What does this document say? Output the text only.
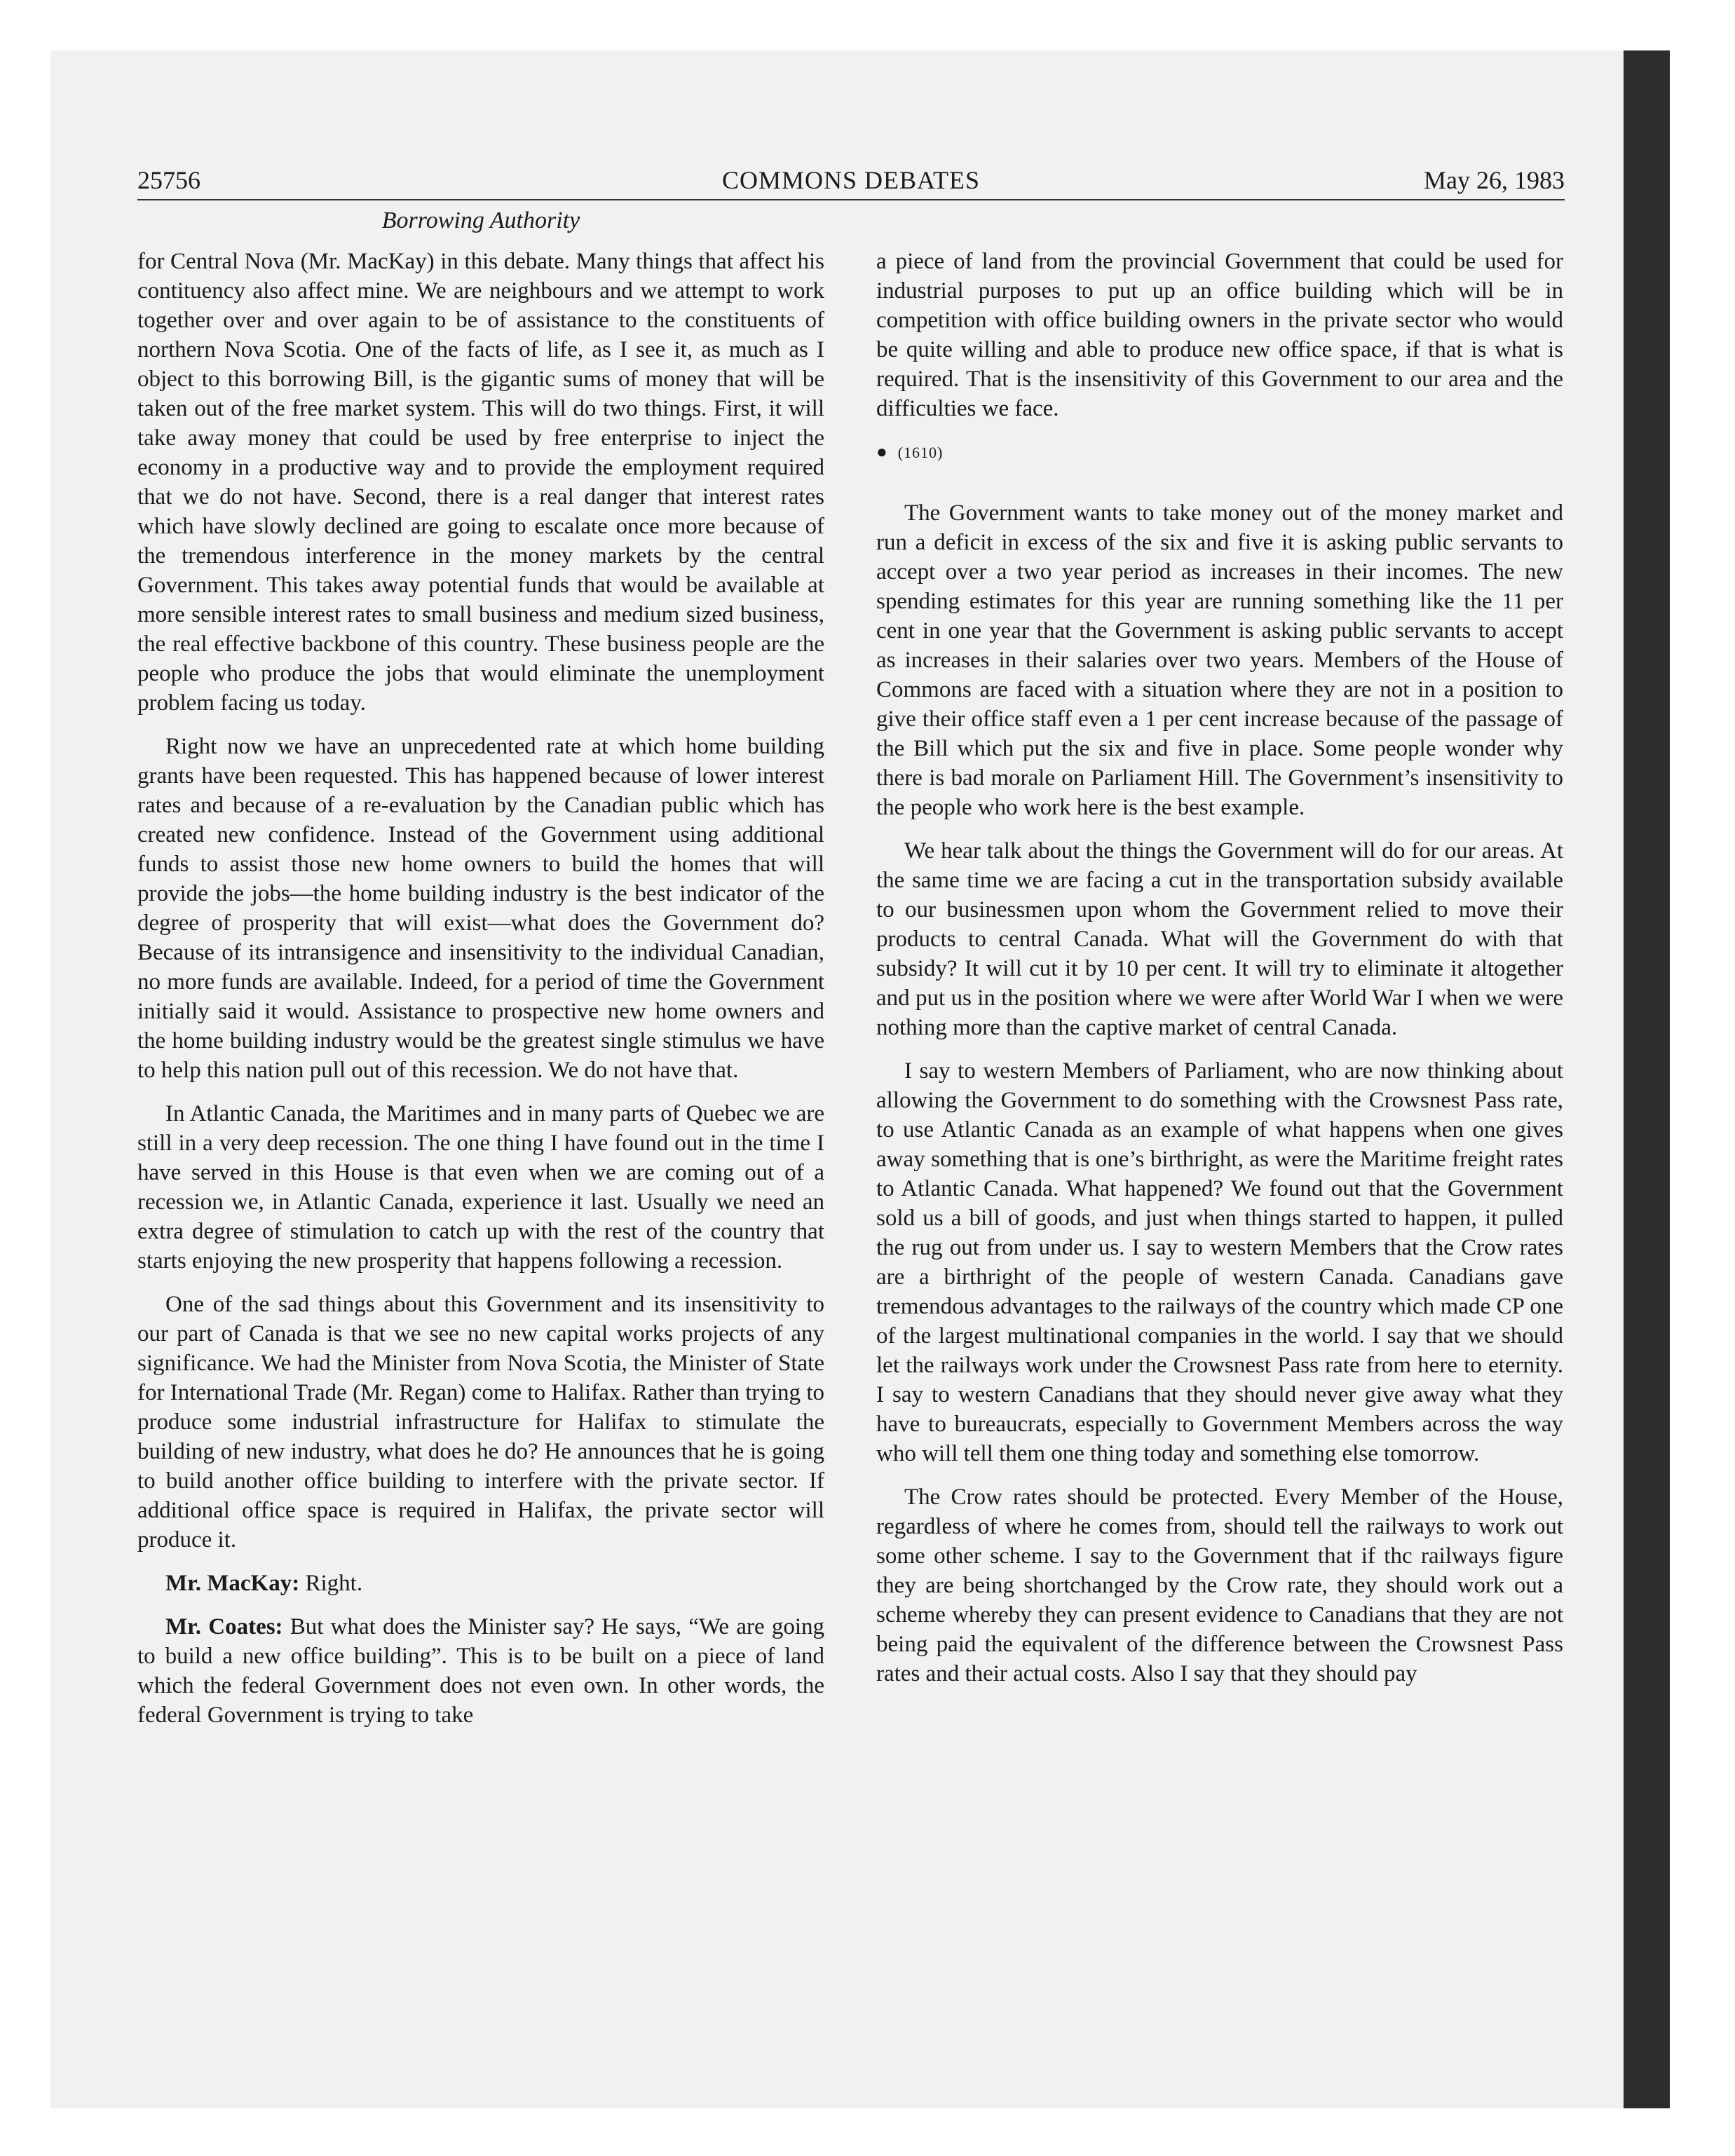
25756	COMMONS DEBATES	May 26, 1983
Borrowing Authority

for Central Nova (Mr. MacKay) in this debate. Many things that affect his contituency also affect mine. We are neighbours and we attempt to work together over and over again to be of assistance to the constituents of northern Nova Scotia. One of the facts of life, as I see it, as much as I object to this borrowing Bill, is the gigantic sums of money that will be taken out of the free market system. This will do two things. First, it will take away money that could be used by free enterprise to inject the economy in a productive way and to provide the employment required that we do not have. Second, there is a real danger that interest rates which have slowly declined are going to escalate once more because of the tremendous interference in the money markets by the central Government. This takes away potential funds that would be available at more sensible interest rates to small business and medium sized business, the real effective backbone of this country. These business people are the people who produce the jobs that would eliminate the unemployment problem facing us today.

Right now we have an unprecedented rate at which home building grants have been requested. This has happened because of lower interest rates and because of a re-evaluation by the Canadian public which has created new confidence. Instead of the Government using additional funds to assist those new home owners to build the homes that will provide the jobs—the home building industry is the best indicator of the degree of prosperity that will exist—what does the Government do? Because of its intransigence and insensitivity to the individual Canadian, no more funds are available. Indeed, for a period of time the Government initially said it would. Assistance to prospective new home owners and the home building industry would be the greatest single stimulus we have to help this nation pull out of this recession. We do not have that.

In Atlantic Canada, the Maritimes and in many parts of Quebec we are still in a very deep recession. The one thing I have found out in the time I have served in this House is that even when we are coming out of a recession we, in Atlantic Canada, experience it last. Usually we need an extra degree of stimulation to catch up with the rest of the country that starts enjoying the new prosperity that happens following a recession.

One of the sad things about this Government and its insensitivity to our part of Canada is that we see no new capital works projects of any significance. We had the Minister from Nova Scotia, the Minister of State for International Trade (Mr. Regan) come to Halifax. Rather than trying to produce some industrial infrastructure for Halifax to stimulate the building of new industry, what does he do? He announces that he is going to build another office building to interfere with the private sector. If additional office space is required in Halifax, the private sector will produce it.

Mr. MacKay: Right.

Mr. Coates: But what does the Minister say? He says, “We are going to build a new office building”. This is to be built on a piece of land which the federal Government does not even own. In other words, the federal Government is trying to take

a piece of land from the provincial Government that could be used for industrial purposes to put up an office building which will be in competition with office building owners in the private sector who would be quite willing and able to produce new office space, if that is what is required. That is the insensitivity of this Government to our area and the difficulties we face.

● (1610)

The Government wants to take money out of the money market and run a deficit in excess of the six and five it is asking public servants to accept over a two year period as increases in their incomes. The new spending estimates for this year are running something like the 11 per cent in one year that the Government is asking public servants to accept as increases in their salaries over two years. Members of the House of Commons are faced with a situation where they are not in a position to give their office staff even a 1 per cent increase because of the passage of the Bill which put the six and five in place. Some people wonder why there is bad morale on Parliament Hill. The Government’s insensitivity to the people who work here is the best example.

We hear talk about the things the Government will do for our areas. At the same time we are facing a cut in the transportation subsidy available to our businessmen upon whom the Government relied to move their products to central Canada. What will the Government do with that subsidy? It will cut it by 10 per cent. It will try to eliminate it altogether and put us in the position where we were after World War I when we were nothing more than the captive market of central Canada.

I say to western Members of Parliament, who are now thinking about allowing the Government to do something with the Crowsnest Pass rate, to use Atlantic Canada as an example of what happens when one gives away something that is one’s birthright, as were the Maritime freight rates to Atlantic Canada. What happened? We found out that the Government sold us a bill of goods, and just when things started to happen, it pulled the rug out from under us. I say to western Members that the Crow rates are a birthright of the people of western Canada. Canadians gave tremendous advantages to the railways of the country which made CP one of the largest multinational companies in the world. I say that we should let the railways work under the Crowsnest Pass rate from here to eternity. I say to western Canadians that they should never give away what they have to bureaucrats, especially to Government Members across the way who will tell them one thing today and something else tomorrow.

The Crow rates should be protected. Every Member of the House, regardless of where he comes from, should tell the railways to work out some other scheme. I say to the Government that if thc railways figure they are being shortchanged by the Crow rate, they should work out a scheme whereby they can present evidence to Canadians that they are not being paid the equivalent of the difference between the Crowsnest Pass rates and their actual costs. Also I say that they should pay
